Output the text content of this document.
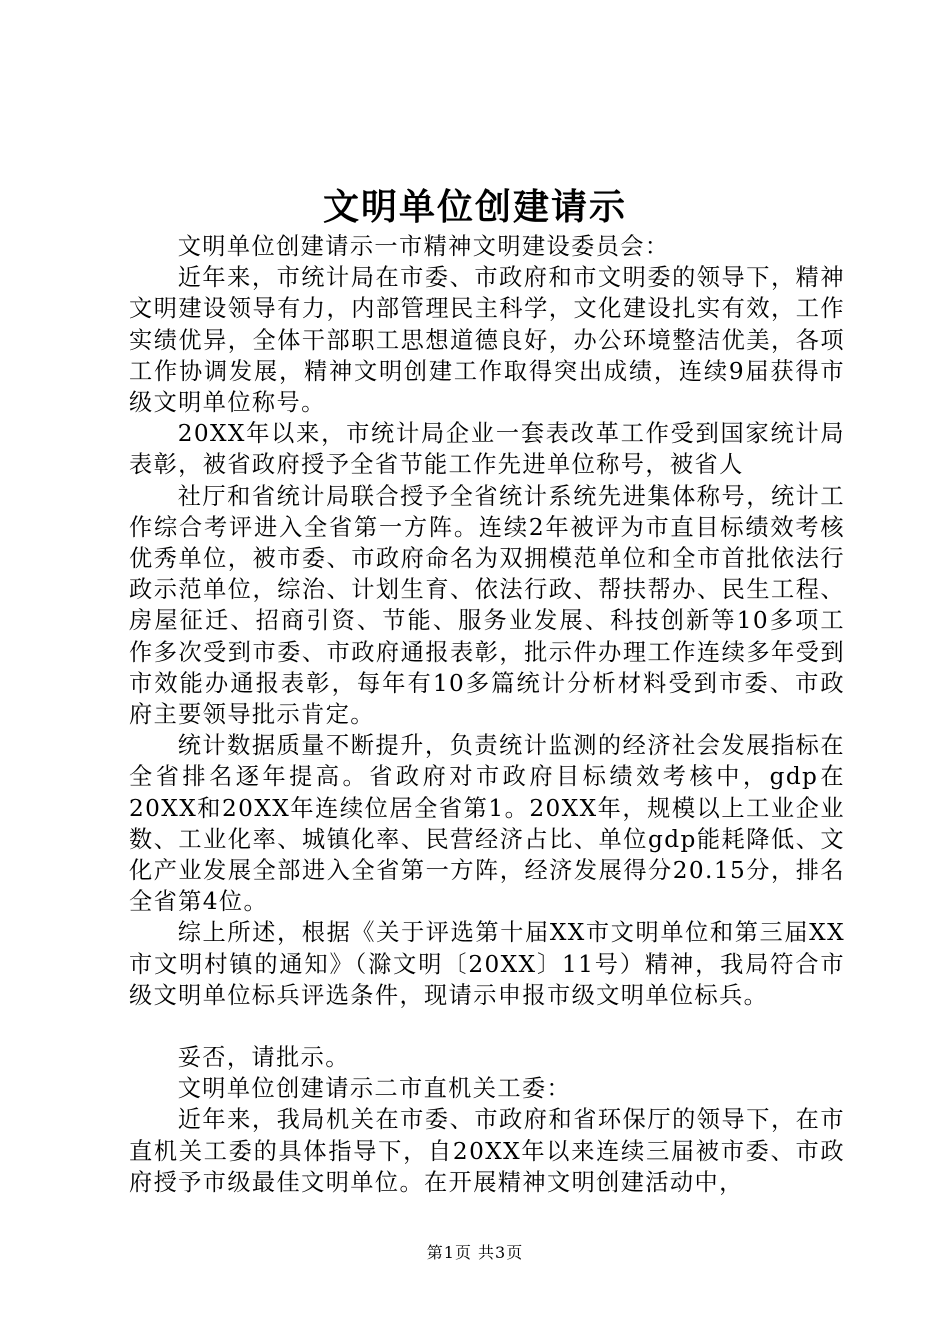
文明单位创建请示

文明单位创建请示一市精神文明建设委员会：

近年来，市统计局在市委、市政府和市文明委的领导下，精神文明建设领导有力，内部管理民主科学，文化建设扎实有效，工作实绩优异，全体干部职工思想道德良好，办公环境整洁优美，各项工作协调发展，精神文明创建工作取得突出成绩，连续9届获得市级文明单位称号。

20XX年以来，市统计局企业一套表改革工作受到国家统计局表彰，被省政府授予全省节能工作先进单位称号，被省人

社厅和省统计局联合授予全省统计系统先进集体称号，统计工作综合考评进入全省第一方阵。连续2年被评为市直目标绩效考核优秀单位，被市委、市政府命名为双拥模范单位和全市首批依法行政示范单位，综治、计划生育、依法行政、帮扶帮办、民生工程、房屋征迁、招商引资、节能、服务业发展、科技创新等10多项工作多次受到市委、市政府通报表彰，批示件办理工作连续多年受到市效能办通报表彰，每年有10多篇统计分析材料受到市委、市政府主要领导批示肯定。

统计数据质量不断提升，负责统计监测的经济社会发展指标在全省排名逐年提高。省政府对市政府目标绩效考核中，gdp在20XX和20XX年连续位居全省第1。20XX年，规模以上工业企业数、工业化率、城镇化率、民营经济占比、单位gdp能耗降低、文化产业发展全部进入全省第一方阵，经济发展得分20.15分，排名全省第4位。

综上所述，根据《关于评选第十届XX市文明单位和第三届XX市文明村镇的通知》（滁文明〔20XX〕11号）精神，我局符合市级文明单位标兵评选条件，现请示申报市级文明单位标兵。

妥否，请批示。

文明单位创建请示二市直机关工委：

近年来，我局机关在市委、市政府和省环保厅的领导下，在市直机关工委的具体指导下，自20XX年以来连续三届被市委、市政府授予市级最佳文明单位。在开展精神文明创建活动中，

第1页 共3页
